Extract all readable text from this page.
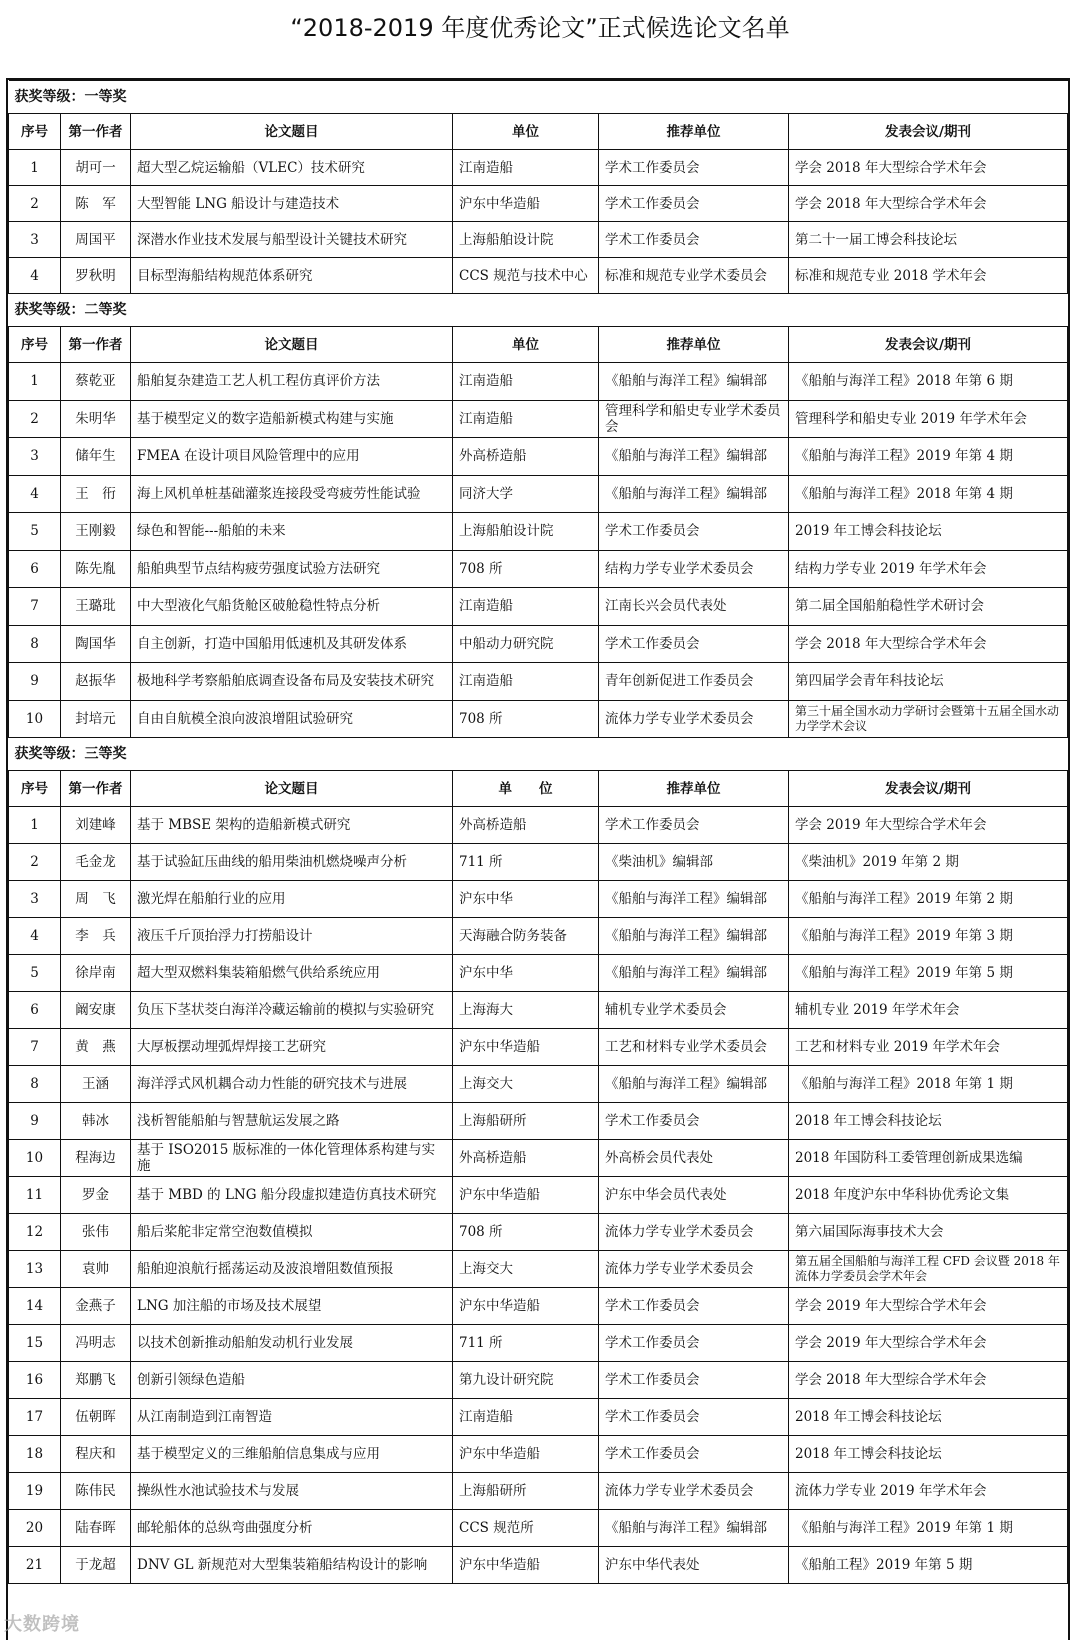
“2018-2019 年度优秀论文”正式候选论文名单
获奖等级：一等奖					
序号	第一作者	论文题目	单位	推荐单位	发表会议/期刊
1	胡可一	超大型乙烷运输船（VLEC）技术研究	江南造船	学术工作委员会	学会 2018 年大型综合学术年会
2	陈　军	大型智能 LNG 船设计与建造技术	沪东中华造船	学术工作委员会	学会 2018 年大型综合学术年会
3	周国平	深潜水作业技术发展与船型设计关键技术研究	上海船舶设计院	学术工作委员会	第二十一届工博会科技论坛
4	罗秋明	目标型海船结构规范体系研究	CCS 规范与技术中心	标准和规范专业学术委员会	标准和规范专业 2018 学术年会
获奖等级：二等奖					
序号	第一作者	论文题目	单位	推荐单位	发表会议/期刊
1	蔡乾亚	船舶复杂建造工艺人机工程仿真评价方法	江南造船	《船舶与海洋工程》编辑部	《船舶与海洋工程》2018 年第 6 期
2	朱明华	基于模型定义的数字造船新模式构建与实施	江南造船	管理科学和船史专业学术委员会	管理科学和船史专业 2019 年学术年会
3	储年生	FMEA 在设计项目风险管理中的应用	外高桥造船	《船舶与海洋工程》编辑部	《船舶与海洋工程》2019 年第 4 期
4	王　衎	海上风机单桩基础灌浆连接段受弯疲劳性能试验	同济大学	《船舶与海洋工程》编辑部	《船舶与海洋工程》2018 年第 4 期
5	王刚毅	绿色和智能---船舶的未来	上海船舶设计院	学术工作委员会	2019 年工博会科技论坛
6	陈先胤	船舶典型节点结构疲劳强度试验方法研究	708 所	结构力学专业学术委员会	结构力学专业 2019 年学术年会
7	王璐玭	中大型液化气船货舱区破舱稳性特点分析	江南造船	江南长兴会员代表处	第二届全国船舶稳性学术研讨会
8	陶国华	自主创新，打造中国船用低速机及其研发体系	中船动力研究院	学术工作委员会	学会 2018 年大型综合学术年会
9	赵振华	极地科学考察船舶底调查设备布局及安装技术研究	江南造船	青年创新促进工作委员会	第四届学会青年科技论坛
10	封培元	自由自航模全浪向波浪增阻试验研究	708 所	流体力学专业学术委员会	第三十届全国水动力学研讨会暨第十五届全国水动力学学术会议
获奖等级：三等奖					
序号	第一作者	论文题目	单　　位	推荐单位	发表会议/期刊
1	刘建峰	基于 MBSE 架构的造船新模式研究	外高桥造船	学术工作委员会	学会 2019 年大型综合学术年会
2	毛金龙	基于试验缸压曲线的船用柴油机燃烧噪声分析	711 所	《柴油机》编辑部	《柴油机》2019 年第 2 期
3	周　飞	激光焊在船舶行业的应用	沪东中华	《船舶与海洋工程》编辑部	《船舶与海洋工程》2019 年第 2 期
4	李　兵	液压千斤顶抬浮力打捞船设计	天海融合防务装备	《船舶与海洋工程》编辑部	《船舶与海洋工程》2019 年第 3 期
5	徐岸南	超大型双燃料集装箱船燃气供给系统应用	沪东中华	《船舶与海洋工程》编辑部	《船舶与海洋工程》2019 年第 5 期
6	阚安康	负压下茎状茭白海洋冷藏运输前的模拟与实验研究	上海海大	辅机专业学术委员会	辅机专业 2019 年学术年会
7	黄　燕	大厚板摆动埋弧焊焊接工艺研究	沪东中华造船	工艺和材料专业学术委员会	工艺和材料专业 2019 年学术年会
8	王涵	海洋浮式风机耦合动力性能的研究技术与进展	上海交大	《船舶与海洋工程》编辑部	《船舶与海洋工程》2018 年第 1 期
9	韩冰	浅析智能船舶与智慧航运发展之路	上海船研所	学术工作委员会	2018 年工博会科技论坛
10	程海边	基于 ISO2015 版标准的一体化管理体系构建与实施	外高桥造船	外高桥会员代表处	2018 年国防科工委管理创新成果选编
11	罗金	基于 MBD 的 LNG 船分段虚拟建造仿真技术研究	沪东中华造船	沪东中华会员代表处	2018 年度沪东中华科协优秀论文集
12	张伟	船后桨舵非定常空泡数值模拟	708 所	流体力学专业学术委员会	第六届国际海事技术大会
13	袁帅	船舶迎浪航行摇荡运动及波浪增阻数值预报	上海交大	流体力学专业学术委员会	第五届全国船舶与海洋工程 CFD 会议暨 2018 年流体力学委员会学术年会
14	金燕子	LNG 加注船的市场及技术展望	沪东中华造船	学术工作委员会	学会 2019 年大型综合学术年会
15	冯明志	以技术创新推动船舶发动机行业发展	711 所	学术工作委员会	学会 2019 年大型综合学术年会
16	郑鹏飞	创新引领绿色造船	第九设计研究院	学术工作委员会	学会 2018 年大型综合学术年会
17	伍朝晖	从江南制造到江南智造	江南造船	学术工作委员会	2018 年工博会科技论坛
18	程庆和	基于模型定义的三维船舶信息集成与应用	沪东中华造船	学术工作委员会	2018 年工博会科技论坛
19	陈伟民	操纵性水池试验技术与发展	上海船研所	流体力学专业学术委员会	流体力学专业 2019 年学术年会
20	陆春晖	邮轮船体的总纵弯曲强度分析	CCS 规范所	《船舶与海洋工程》编辑部	《船舶与海洋工程》2019 年第 1 期
21	于龙超	DNV GL 新规范对大型集装箱船结构设计的影响	沪东中华造船	沪东中华代表处	《船舶工程》2019 年第 5 期
大数跨境
